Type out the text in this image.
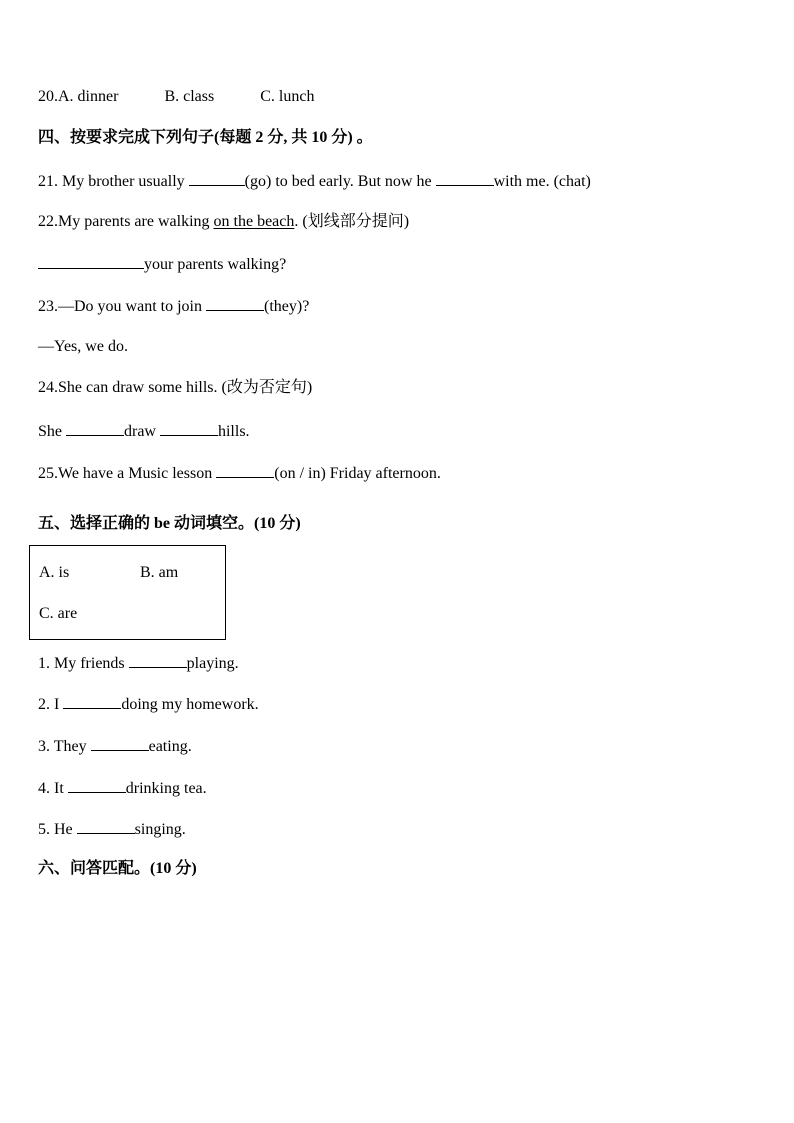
20.A. dinner	B. class	C. lunch
四、按要求完成下列句子(每题 2 分, 共 10 分) 。
21. My brother usually	(go) to bed early. But now he	with me. (chat)
22.My parents are walking on the beach. (划线部分提问)
your parents walking?
23.—Do you want to join	(they)?
—Yes, we do.
24.She can draw some hills. (改为否定句)
She	draw	hills.
25.We have a Music lesson	(on / in) Friday afternoon.
五、选择正确的 be 动词填空。(10 分)
A. is	B. am
C. are
1. My friends	playing.
2. I	doing my homework.
3. They	eating.
4. It	drinking tea.
5. He	singing.
六、问答匹配。(10 分)
